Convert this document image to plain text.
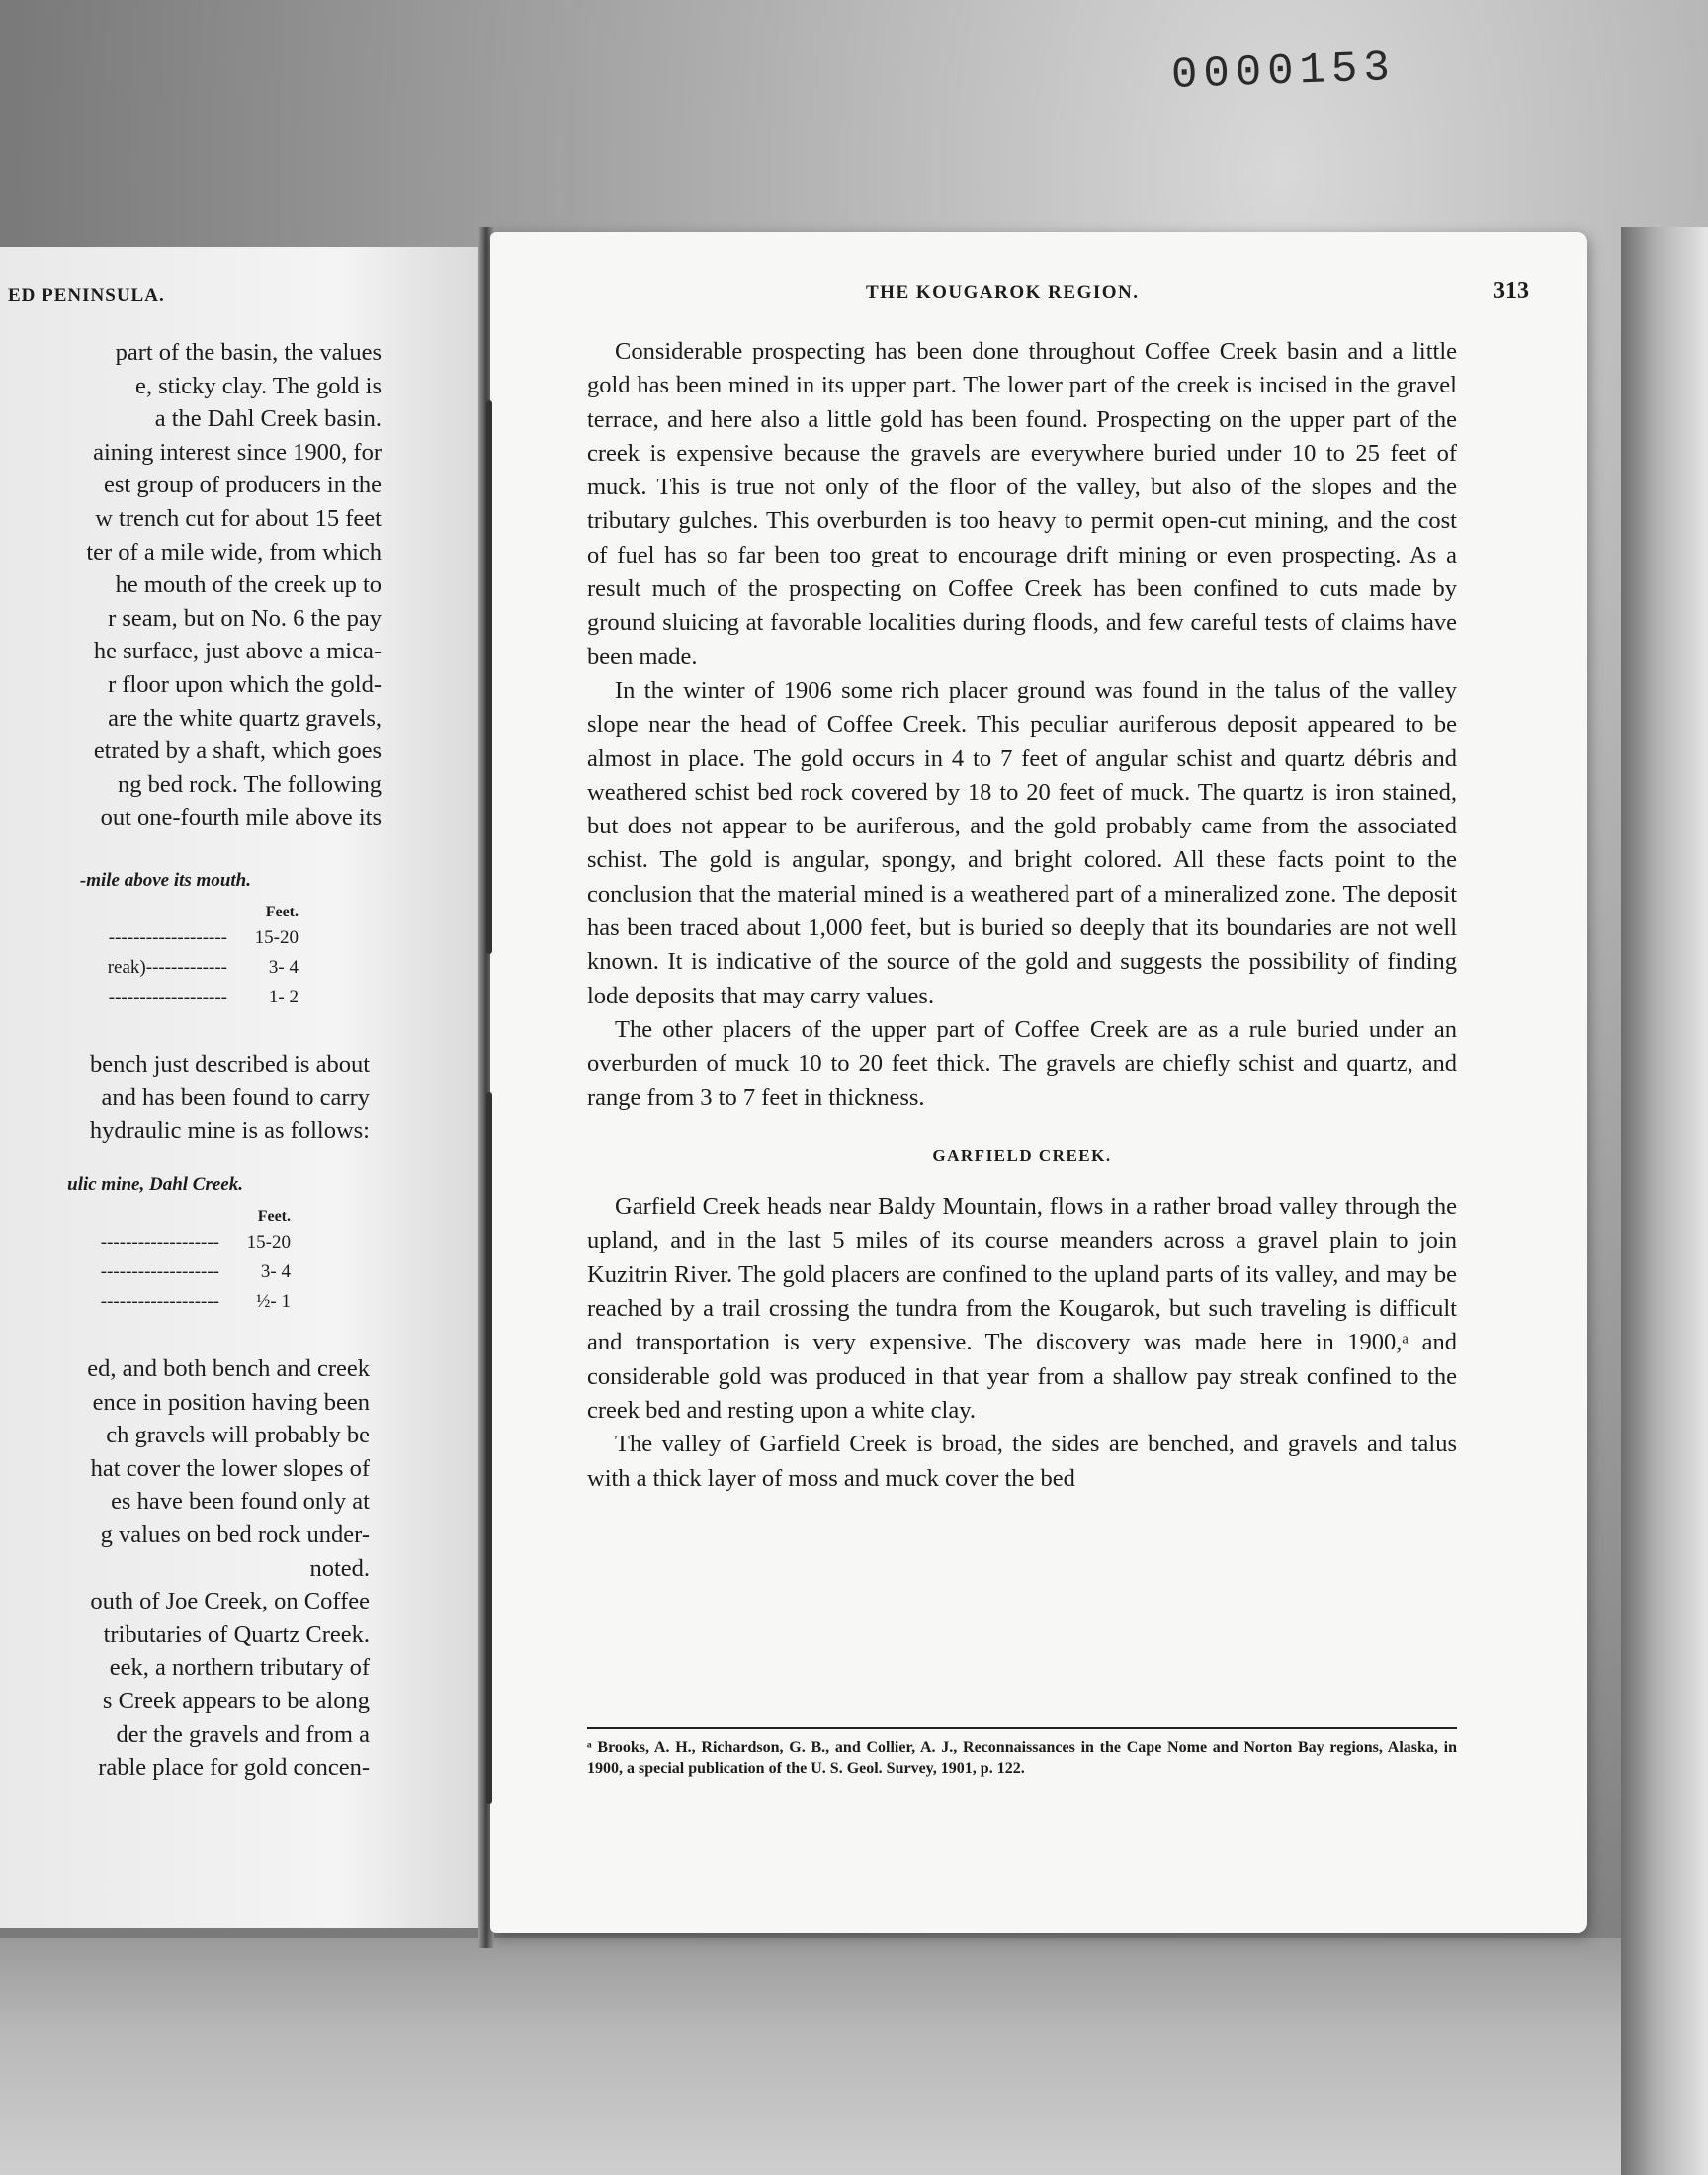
0000153
ED PENINSULA.
part of the basin, the values
e, sticky clay. The gold is
a the Dahl Creek basin.
aining interest since 1900, for
est group of producers in the
w trench cut for about 15 feet
ter of a mile wide, from which
he mouth of the creek up to
r seam, but on No. 6 the pay
he surface, just above a mica-
r floor upon which the gold-
are the white quartz gravels,
etrated by a shaft, which goes
ng bed rock. The following
out one-fourth mile above its
-mile above its mouth.
Feet.
-------------------	15-20
reak)-------------	3- 4
-------------------	1- 2
bench just described is about
and has been found to carry
hydraulic mine is as follows:
ulic mine, Dahl Creek.
Feet.
-------------------	15-20
-------------------	3- 4
-------------------	½- 1
ed, and both bench and creek
ence in position having been
ch gravels will probably be
hat cover the lower slopes of
es have been found only at
g values on bed rock under-
noted.
outh of Joe Creek, on Coffee
tributaries of Quartz Creek.
eek, a northern tributary of
s Creek appears to be along
der the gravels and from a
rable place for gold concen-
THE KOUGAROK REGION.	313

Considerable prospecting has been done throughout Coffee Creek basin and a little gold has been mined in its upper part. The lower part of the creek is incised in the gravel terrace, and here also a little gold has been found. Prospecting on the upper part of the creek is expensive because the gravels are everywhere buried under 10 to 25 feet of muck. This is true not only of the floor of the valley, but also of the slopes and the tributary gulches. This overburden is too heavy to permit open-cut mining, and the cost of fuel has so far been too great to encourage drift mining or even prospecting. As a result much of the prospecting on Coffee Creek has been confined to cuts made by ground sluicing at favorable localities during floods, and few careful tests of claims have been made.

In the winter of 1906 some rich placer ground was found in the talus of the valley slope near the head of Coffee Creek. This peculiar auriferous deposit appeared to be almost in place. The gold occurs in 4 to 7 feet of angular schist and quartz débris and weathered schist bed rock covered by 18 to 20 feet of muck. The quartz is iron stained, but does not appear to be auriferous, and the gold probably came from the associated schist. The gold is angular, spongy, and bright colored. All these facts point to the conclusion that the material mined is a weathered part of a mineralized zone. The deposit has been traced about 1,000 feet, but is buried so deeply that its boundaries are not well known. It is indicative of the source of the gold and suggests the possibility of finding lode deposits that may carry values.

The other placers of the upper part of Coffee Creek are as a rule buried under an overburden of muck 10 to 20 feet thick. The gravels are chiefly schist and quartz, and range from 3 to 7 feet in thickness.

GARFIELD CREEK.

Garfield Creek heads near Baldy Mountain, flows in a rather broad valley through the upland, and in the last 5 miles of its course meanders across a gravel plain to join Kuzitrin River. The gold placers are confined to the upland parts of its valley, and may be reached by a trail crossing the tundra from the Kougarok, but such traveling is difficult and transportation is very expensive. The discovery was made here in 1900,ᵃ and considerable gold was produced in that year from a shallow pay streak confined to the creek bed and resting upon a white clay.

The valley of Garfield Creek is broad, the sides are benched, and gravels and talus with a thick layer of moss and muck cover the bed

ᵃ Brooks, A. H., Richardson, G. B., and Collier, A. J., Reconnaissances in the Cape Nome and Norton Bay regions, Alaska, in 1900, a special publication of the U. S. Geol. Survey, 1901, p. 122.
